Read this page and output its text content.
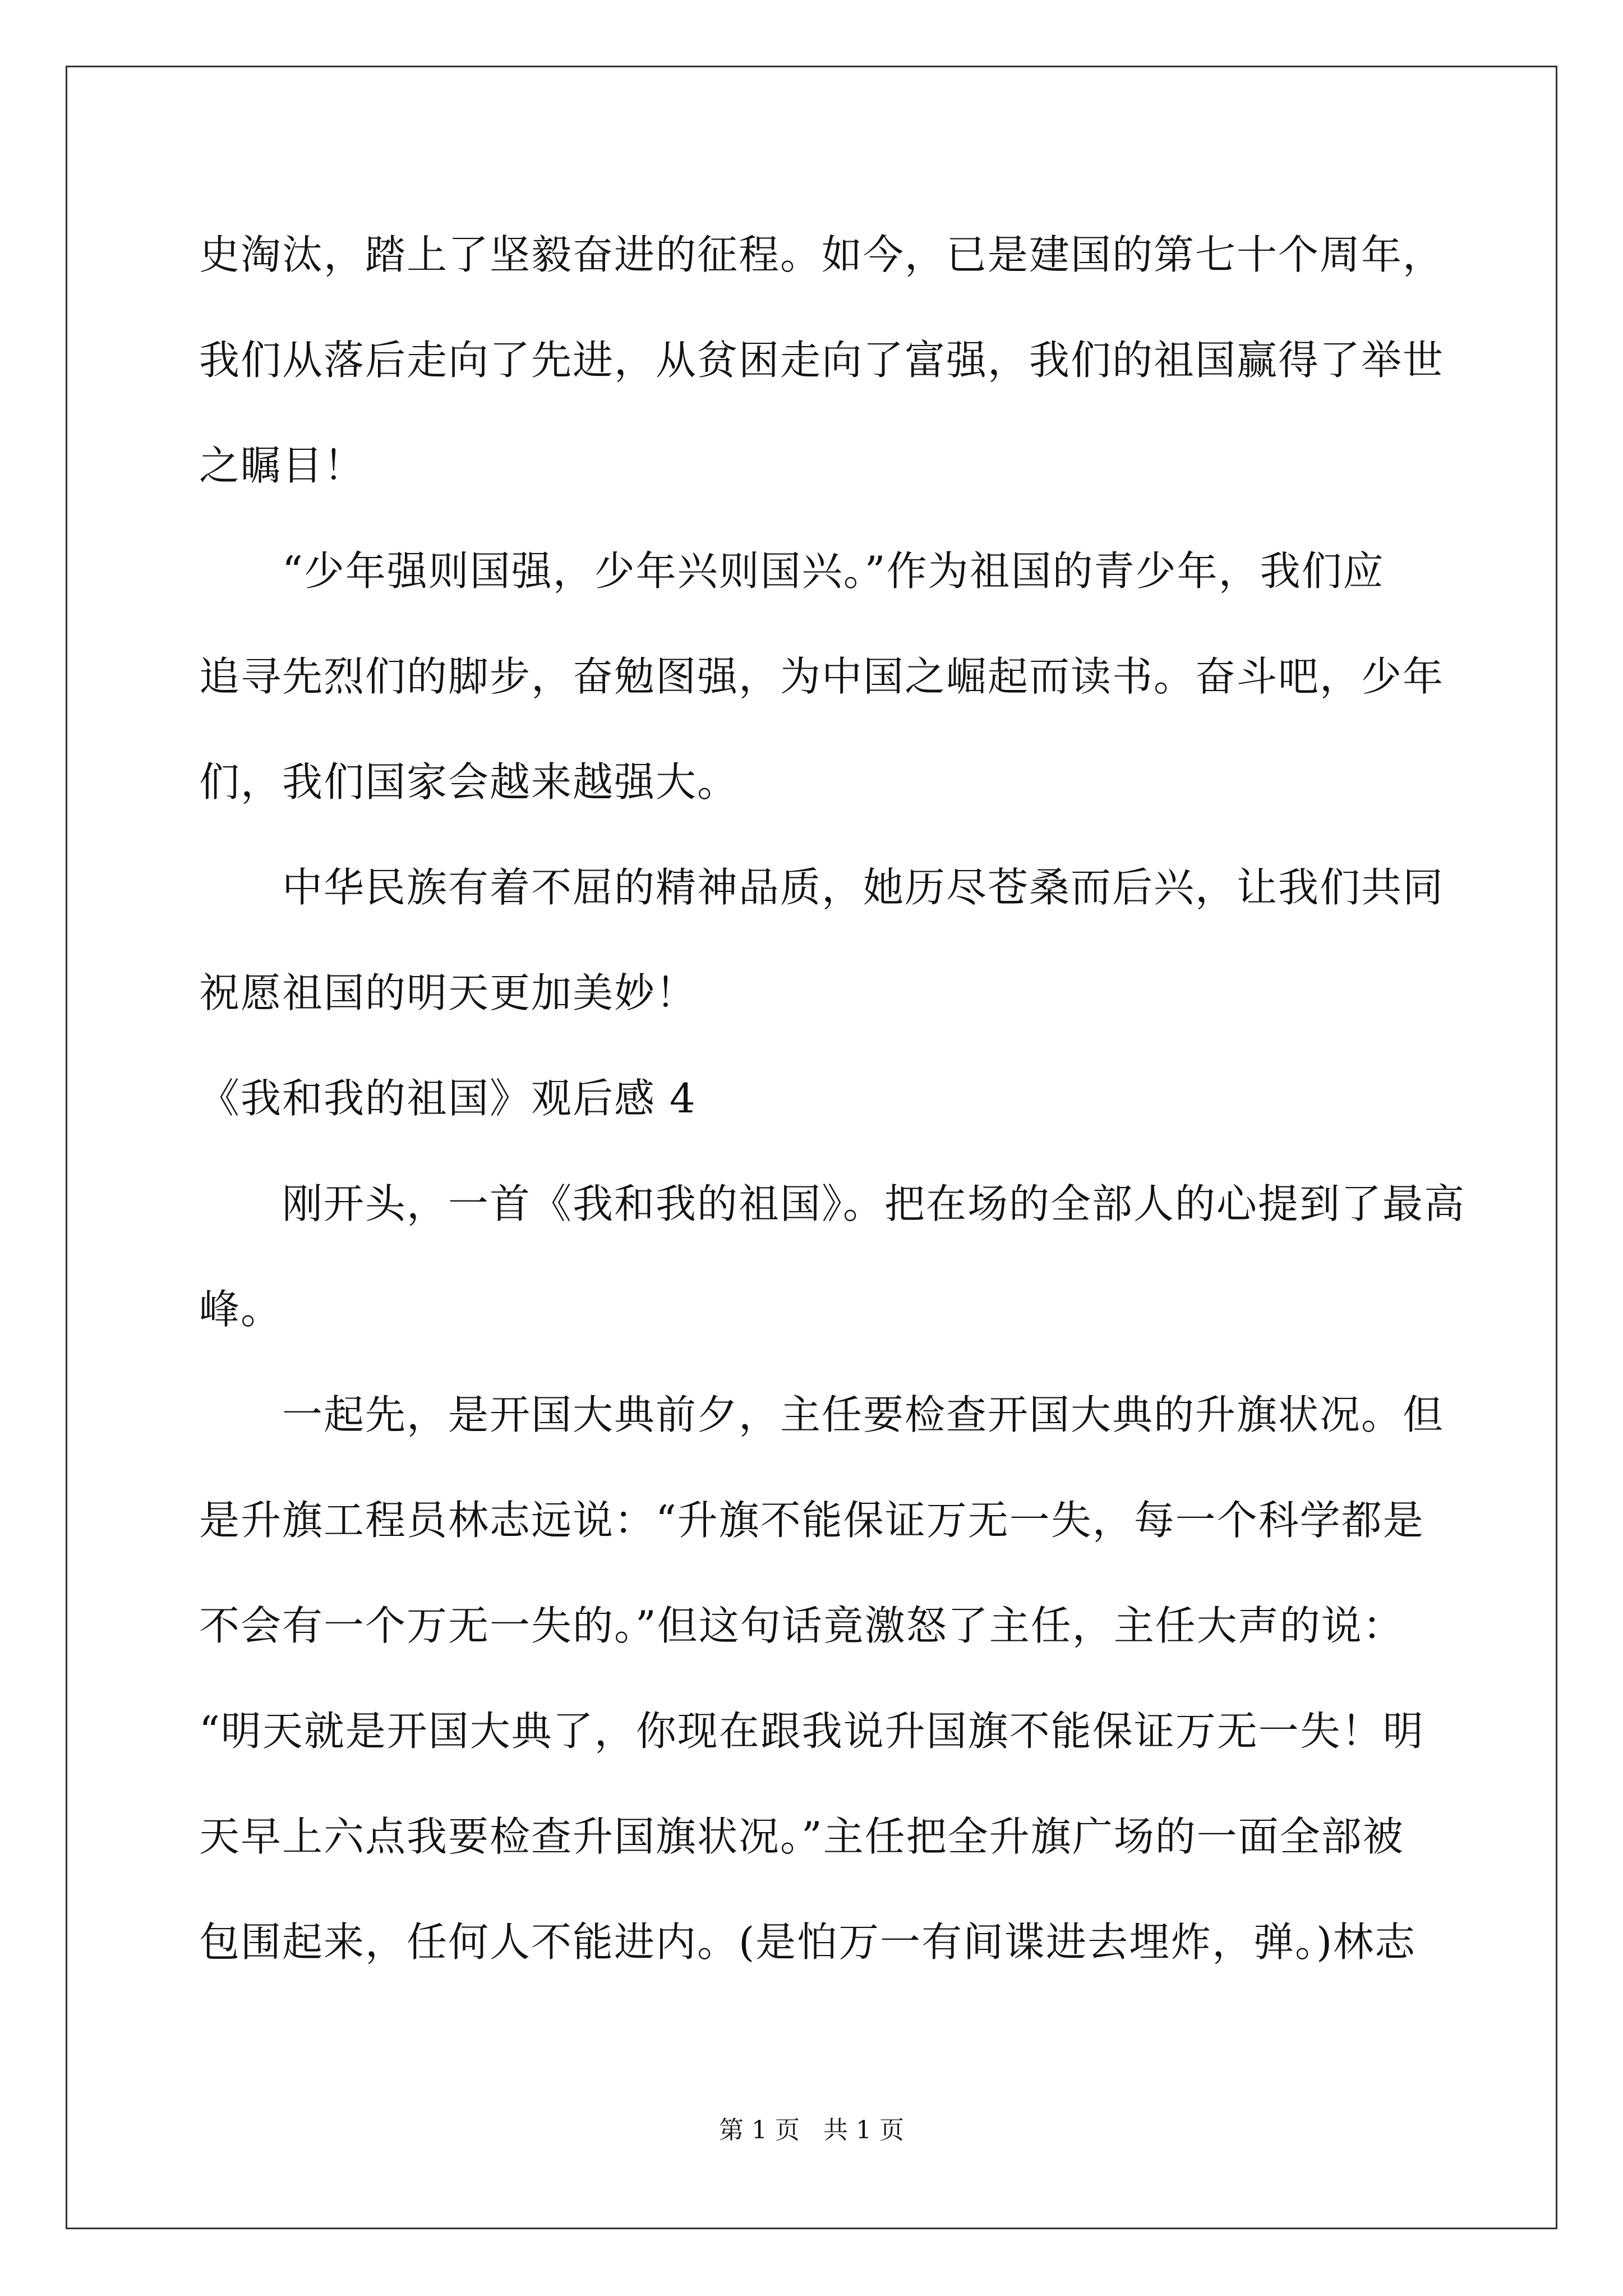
史淘汰，踏上了坚毅奋进的征程。如今，已是建国的第七十个周年，
我们从落后走向了先进，从贫困走向了富强，我们的祖国赢得了举世
之瞩目！
　　“少年强则国强，少年兴则国兴。”作为祖国的青少年，我们应
追寻先烈们的脚步，奋勉图强，为中国之崛起而读书。奋斗吧，少年
们，我们国家会越来越强大。
　　中华民族有着不屈的精神品质，她历尽苍桑而后兴，让我们共同
祝愿祖国的明天更加美妙！
《我和我的祖国》观后感 4
　　刚开头，一首《我和我的祖国》。把在场的全部人的心提到了最高
峰。
　　一起先，是开国大典前夕，主任要检查开国大典的升旗状况。但
是升旗工程员林志远说：“升旗不能保证万无一失，每一个科学都是
不会有一个万无一失的。”但这句话竟激怒了主任，主任大声的说：
“明天就是开国大典了，你现在跟我说升国旗不能保证万无一失！明
天早上六点我要检查升国旗状况。”主任把全升旗广场的一面全部被
包围起来，任何人不能进内。(是怕万一有间谍进去埋炸，弹。)林志
第 1 页 共 1 页
